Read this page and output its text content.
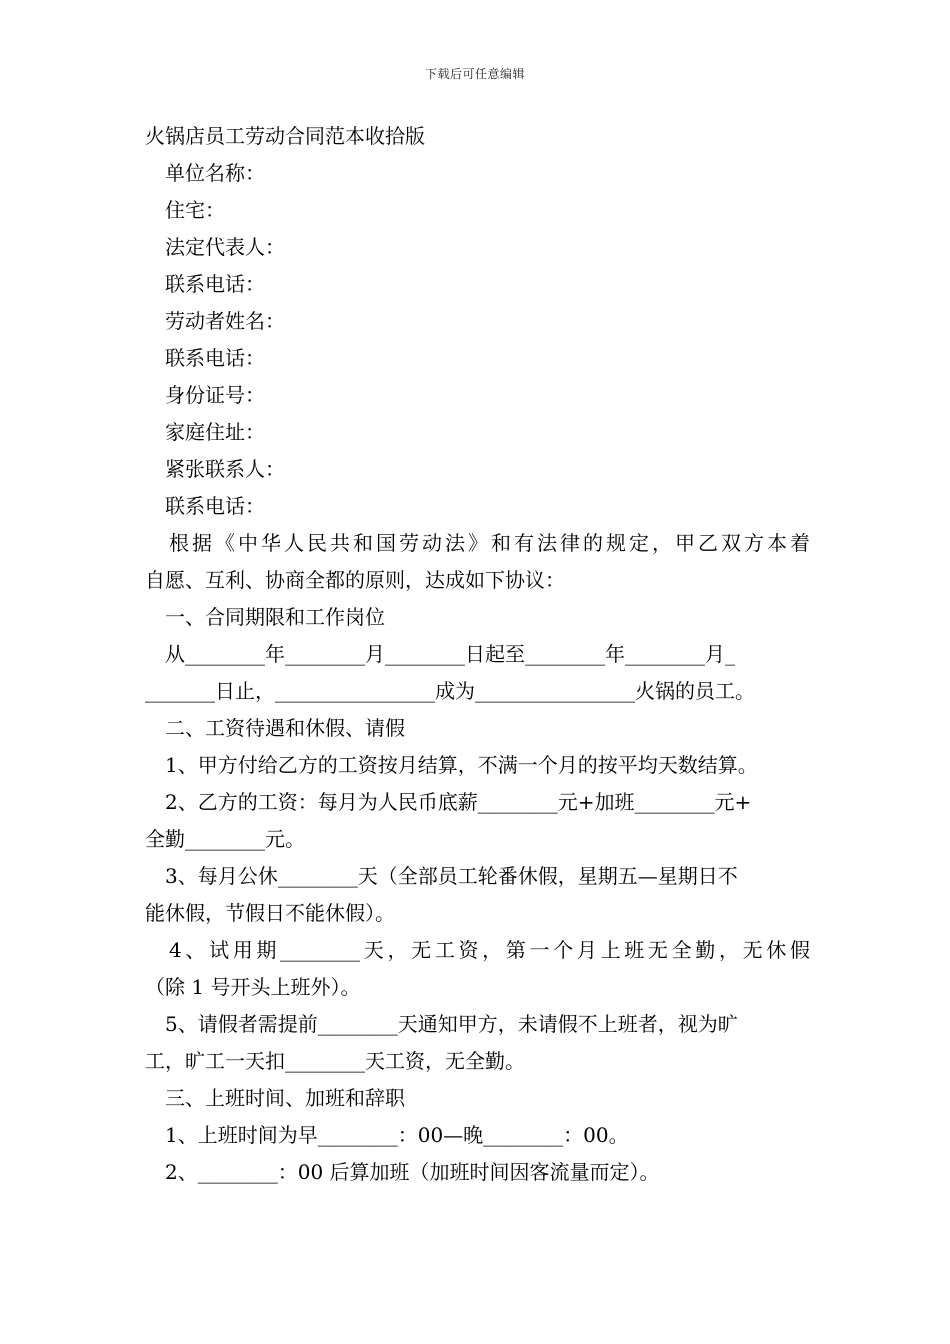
下载后可任意编辑
火锅店员工劳动合同范本收拾版
单位名称：
住宅：
法定代表人：
联系电话：
劳动者姓名：
联系电话：
身份证号：
家庭住址：
紧张联系人：
联系电话：
根据《中华人民共和国劳动法》和有法律的规定，甲乙双方本着
自愿、互利、协商全都的原则，达成如下协议：
一、合同期限和工作岗位
从________年________月________日起至________年________月_
_______日止，________________成为________________火锅的员工。
二、工资待遇和休假、请假
1、甲方付给乙方的工资按月结算，不满一个月的按平均天数结算。
2、乙方的工资：每月为人民币底薪________元+加班________元+
全勤________元。
3、每月公休________天（全部员工轮番休假，星期五—星期日不
能休假，节假日不能休假）。
4、试用期________天，无工资，第一个月上班无全勤，无休假
（除 1 号开头上班外）。
5、请假者需提前________天通知甲方，未请假不上班者，视为旷
工，旷工一天扣________天工资，无全勤。
三、上班时间、加班和辞职
1、上班时间为早________：00—晚________：00。
2、________：00 后算加班（加班时间因客流量而定）。
